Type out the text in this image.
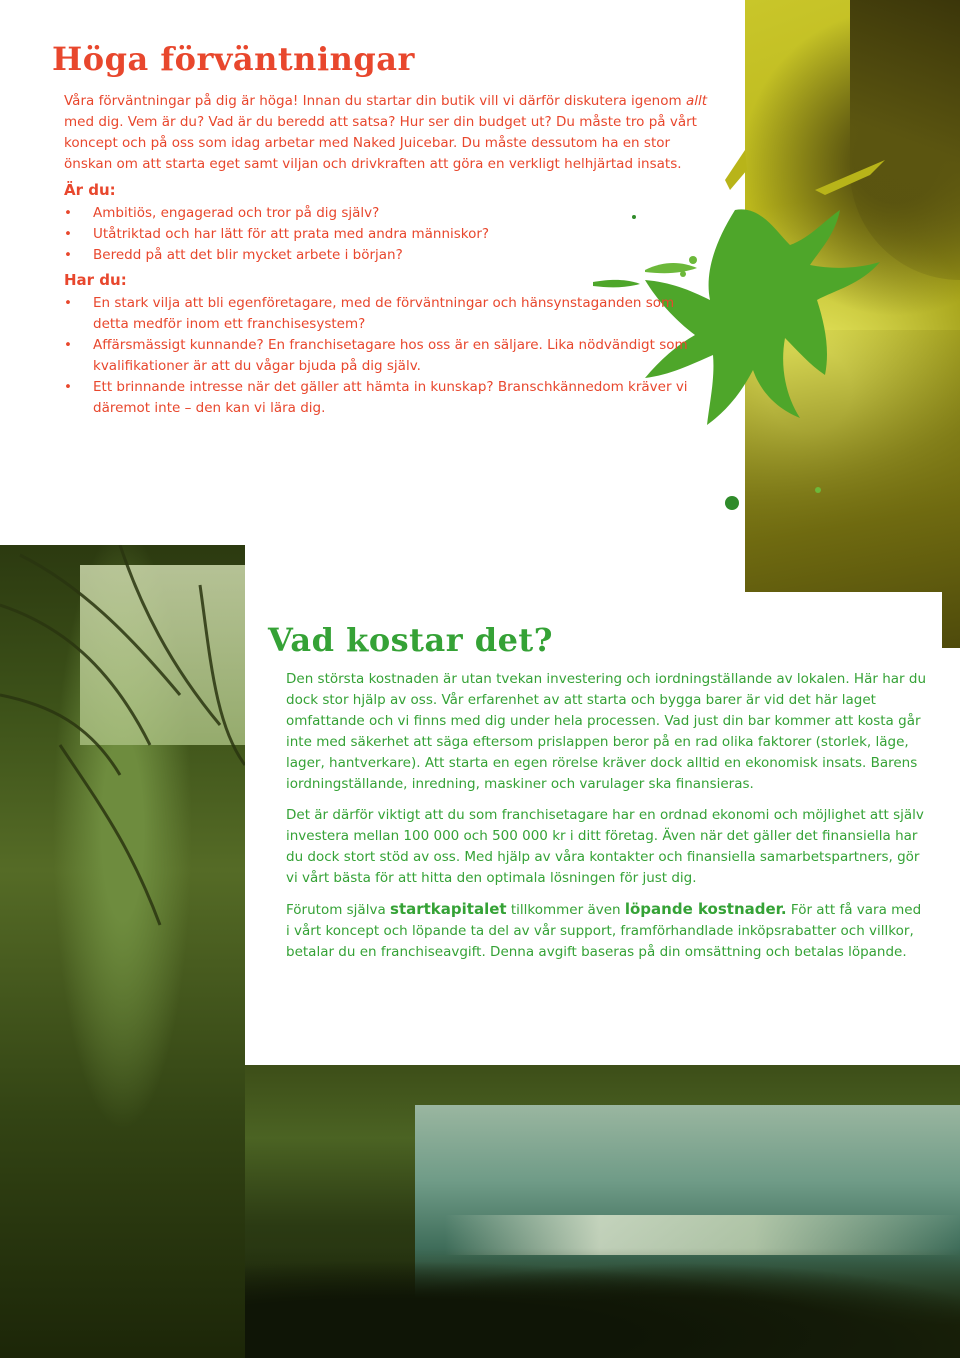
Höga förväntningar

Våra förväntningar på dig är höga! Innan du startar din butik vill vi därför diskutera igenom allt med dig. Vem är du? Vad är du beredd att satsa? Hur ser din budget ut? Du måste tro på vårt koncept och på oss som idag arbetar med Naked Juicebar. Du måste dessutom ha en stor önskan om att starta eget samt viljan och drivkraften att göra en verkligt helhjärtad insats.

Är du:
• Ambitiös, engagerad och tror på dig själv?
• Utåtriktad och har lätt för att prata med andra människor?
• Beredd på att det blir mycket arbete i början?
Har du:
• En stark vilja att bli egenföretagare, med de förväntningar och hänsynstaganden som detta medför inom ett franchisesystem?
• Affärsmässigt kunnande? En franchisetagare hos oss är en säljare. Lika nödvändigt som kvalifikationer är att du vågar bjuda på dig själv.
• Ett brinnande intresse när det gäller att hämta in kunskap? Branschkännedom kräver vi däremot inte – den kan vi lära dig.
Vad kostar det?

Den största kostnaden är utan tvekan investering och iordningställande av lokalen. Här har du dock stor hjälp av oss. Vår erfarenhet av att starta och bygga barer är vid det här laget omfattande och vi finns med dig under hela processen. Vad just din bar kommer att kosta går inte med säkerhet att säga eftersom prislappen beror på en rad olika faktorer (storlek, läge, lager, hantverkare). Att starta en egen rörelse kräver dock alltid en ekonomisk insats. Barens iordningställande, inredning, maskiner och varulager ska finansieras.

Det är därför viktigt att du som franchisetagare har en ordnad ekonomi och möjlighet att själv investera mellan 100 000 och 500 000 kr i ditt företag. Även när det gäller det finansiella har du dock stort stöd av oss. Med hjälp av våra kontakter och finansiella samarbetspartners, gör vi vårt bästa för att hitta den optimala lösningen för just dig.

Förutom själva startkapitalet tillkommer även löpande kostnader. För att få vara med i vårt koncept och löpande ta del av vår support, framförhandlade inköpsrabatter och villkor, betalar du en franchiseavgift. Denna avgift baseras på din omsättning och betalas löpande.
